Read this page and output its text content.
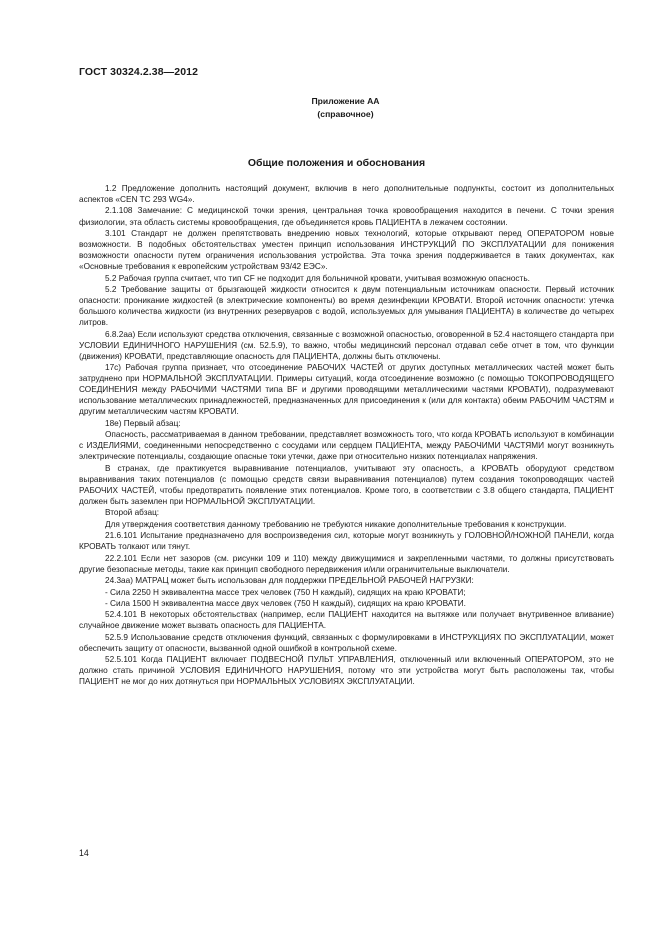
ГОСТ 30324.2.38—2012
Приложение АА
(справочное)
Общие положения и обоснования

1.2 Предложение дополнить настоящий документ, включив в него дополнительные подпункты, состоит из дополнительных аспектов «CEN TC 293 WG4».

2.1.108 Замечание: С медицинской точки зрения, центральная точка кровообращения находится в печени. С точки зрения физиологии, эта область системы кровообращения, где объединяется кровь ПАЦИЕНТА в лежачем состоянии.

3.101 Стандарт не должен препятствовать внедрению новых технологий, которые открывают перед ОПЕРАТОРОМ новые возможности. В подобных обстоятельствах уместен принцип использования ИНСТРУКЦИЙ ПО ЭКСПЛУАТАЦИИ для понижения возможности опасности путем ограничения использования устройства. Эта точка зрения поддерживается в таких документах, как «Основные требования к европейским устройствам 93/42 ЕЭС».

5.2 Рабочая группа считает, что тип CF не подходит для больничной кровати, учитывая возможную опасность.

5.2 Требование защиты от брызгающей жидкости относится к двум потенциальным источникам опасности. Первый источник опасности: проникание жидкостей (в электрические компоненты) во время дезинфекции КРОВАТИ. Второй источник опасности: утечка большого количества жидкости (из внутренних резервуаров с водой, используемых для умывания ПАЦИЕНТА) в количестве до четырех литров.

6.8.2аа) Если используют средства отключения, связанные с возможной опасностью, оговоренной в 52.4 настоящего стандарта при УСЛОВИИ ЕДИНИЧНОГО НАРУШЕНИЯ (см. 52.5.9), то важно, чтобы медицинский персонал отдавал себе отчет в том, что функции (движения) КРОВАТИ, представляющие опасность для ПАЦИЕНТА, должны быть отключены.

17с) Рабочая группа признает, что отсоединение РАБОЧИХ ЧАСТЕЙ от других доступных металлических частей может быть затруднено при НОРМАЛЬНОЙ ЭКСПЛУАТАЦИИ. Примеры ситуаций, когда отсоединение возможно (с помощью ТОКОПРОВОДЯЩЕГО СОЕДИНЕНИЯ между РАБОЧИМИ ЧАСТЯМИ типа BF и другими проводящими металлическими частями КРОВАТИ), подразумевают использование металлических принадлежностей, предназначенных для присоединения к (или для контакта) обеим РАБОЧИМ ЧАСТЯМ и другим металлическим частям КРОВАТИ.

18е) Первый абзац:

Опасность, рассматриваемая в данном требовании, представляет возможность того, что когда КРОВАТЬ используют в комбинации с ИЗДЕЛИЯМИ, соединенными непосредственно с сосудами или сердцем ПАЦИЕНТА, между РАБОЧИМИ ЧАСТЯМИ могут возникнуть электрические потенциалы, создающие опасные токи утечки, даже при относительно низких потенциалах напряжения.

В странах, где практикуется выравнивание потенциалов, учитывают эту опасность, а КРОВАТЬ оборудуют средством выравнивания таких потенциалов (с помощью средств связи выравнивания потенциалов) путем создания токопроводящих частей РАБОЧИХ ЧАСТЕЙ, чтобы предотвратить появление этих потенциалов. Кроме того, в соответствии с 3.8 общего стандарта, ПАЦИЕНТ должен быть заземлен при НОРМАЛЬНОЙ ЭКСПЛУАТАЦИИ.

Второй абзац:

Для утверждения соответствия данному требованию не требуются никакие дополнительные требования к конструкции.

21.6.101 Испытание предназначено для воспроизведения сил, которые могут возникнуть у ГОЛОВНОЙ/НОЖНОЙ ПАНЕЛИ, когда КРОВАТЬ толкают или тянут.

22.2.101 Если нет зазоров (см. рисунки 109 и 110) между движущимися и закрепленными частями, то должны присутствовать другие безопасные методы, такие как принцип свободного передвижения и/или ограничительные выключатели.

24.3аа) МАТРАЦ может быть использован для поддержки ПРЕДЕЛЬНОЙ РАБОЧЕЙ НАГРУЗКИ:

- Сила 2250 Н эквивалентна массе трех человек (750 Н каждый), сидящих на краю КРОВАТИ;

- Сила 1500 Н эквивалентна массе двух человек (750 Н каждый), сидящих на краю КРОВАТИ.

52.4.101 В некоторых обстоятельствах (например, если ПАЦИЕНТ находится на вытяжке или получает внутривенное вливание) случайное движение может вызвать опасность для ПАЦИЕНТА.

52.5.9 Использование средств отключения функций, связанных с формулировками в ИНСТРУКЦИЯХ ПО ЭКСПЛУАТАЦИИ, может обеспечить защиту от опасности, вызванной одной ошибкой в контрольной схеме.

52.5.101 Когда ПАЦИЕНТ включает ПОДВЕСНОЙ ПУЛЬТ УПРАВЛЕНИЯ, отключенный или включенный ОПЕРАТОРОМ, это не должно стать причиной УСЛОВИЯ ЕДИНИЧНОГО НАРУШЕНИЯ, потому что эти устройства могут быть расположены так, чтобы ПАЦИЕНТ не мог до них дотянуться при НОРМАЛЬНЫХ УСЛОВИЯХ ЭКСПЛУАТАЦИИ.

14
